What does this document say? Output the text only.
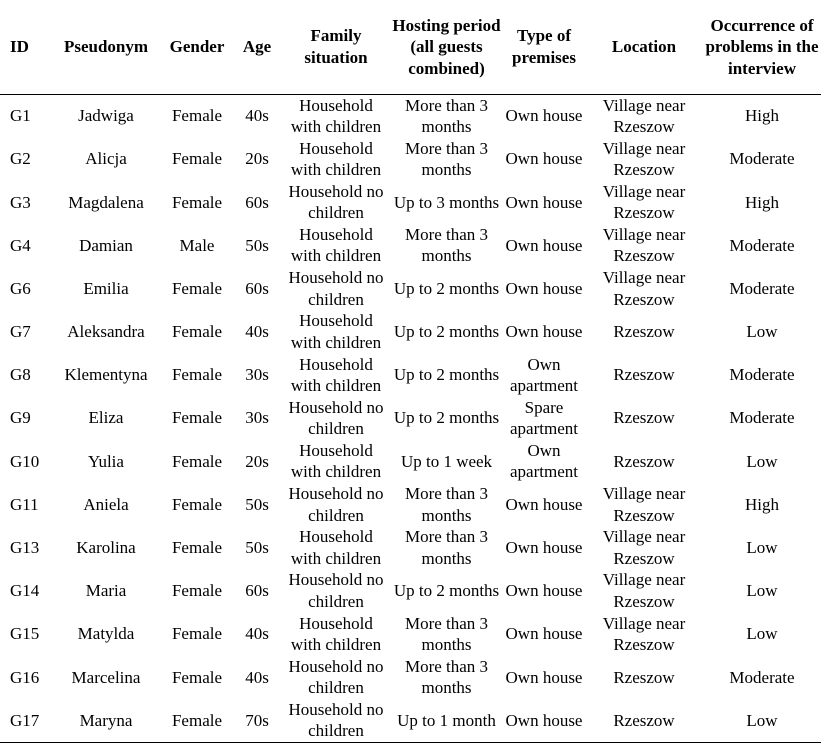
ID	Pseudonym	Gender	Age	Family situation	Hosting period (all guests combined)	Type of premises	Location	Occurrence of problems in the interview
G1	Jadwiga	Female	40s	Household with children	More than 3 months	Own house	Village near Rzeszow	High
G2	Alicja	Female	20s	Household with children	More than 3 months	Own house	Village near Rzeszow	Moderate
G3	Magdalena	Female	60s	Household no children	Up to 3 months	Own house	Village near Rzeszow	High
G4	Damian	Male	50s	Household with children	More than 3 months	Own house	Village near Rzeszow	Moderate
G6	Emilia	Female	60s	Household no children	Up to 2 months	Own house	Village near Rzeszow	Moderate
G7	Aleksandra	Female	40s	Household with children	Up to 2 months	Own house	Rzeszow	Low
G8	Klementyna	Female	30s	Household with children	Up to 2 months	Own apartment	Rzeszow	Moderate
G9	Eliza	Female	30s	Household no children	Up to 2 months	Spare apartment	Rzeszow	Moderate
G10	Yulia	Female	20s	Household with children	Up to 1 week	Own apartment	Rzeszow	Low
G11	Aniela	Female	50s	Household no children	More than 3 months	Own house	Village near Rzeszow	High
G13	Karolina	Female	50s	Household with children	More than 3 months	Own house	Village near Rzeszow	Low
G14	Maria	Female	60s	Household no children	Up to 2 months	Own house	Village near Rzeszow	Low
G15	Matylda	Female	40s	Household with children	More than 3 months	Own house	Village near Rzeszow	Low
G16	Marcelina	Female	40s	Household no children	More than 3 months	Own house	Rzeszow	Moderate
G17	Maryna	Female	70s	Household no children	Up to 1 month	Own house	Rzeszow	Low
